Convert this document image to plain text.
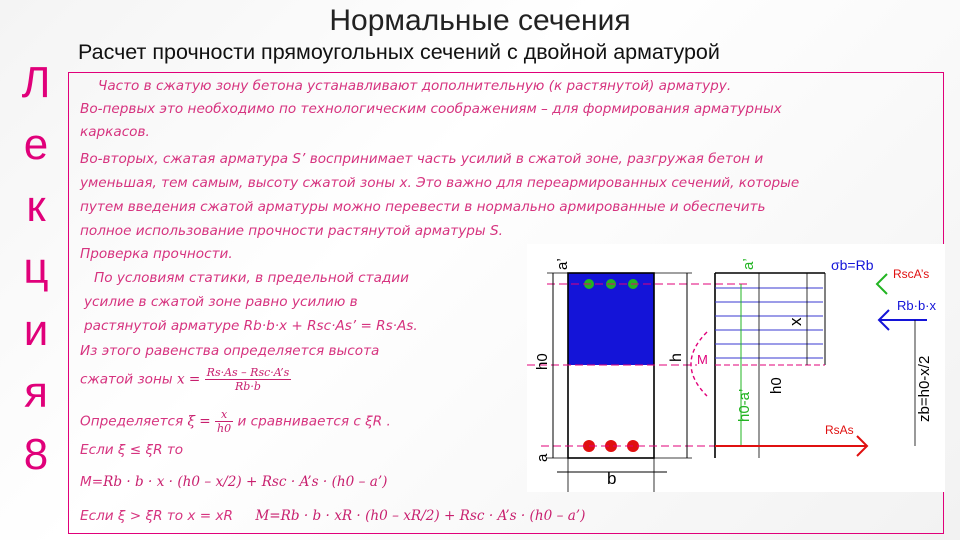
Нормальные сечения
Расчет прочности прямоугольных сечений с двойной арматурой
Л
е
к
ц
и
я
8
Часто в сжатую зону бетона устанавливают дополнительную (к растянутой) арматуру.
Во-первых это необходимо по технологическим соображениям – для формирования арматурных
каркасов.
Во-вторых, сжатая арматура S’ воспринимает часть усилий в сжатой зоне, разгружая бетон и
уменьшая, тем самым, высоту сжатой зоны x. Это важно для переармированных сечений, которые
путем введения сжатой арматуры можно перевести в нормально армированные и обеспечить
полное использование прочности растянутой арматуры S.
Проверка прочности.
По условиям статики, в предельной стадии
усилие в сжатой зоне равно усилию в
растянутой арматуре Rb·b·x + Rsc·As’ = Rs·As.
Из этого равенства определяется высота
сжатой зоны $x = \frac{\text{Rs·As – Rsc·A’s}}{Rb\cdot b}$
Определяется $\xi = \frac{x}{h0}$ и сравнивается с ξR .
Если ξ ≤ ξR то
M=Rb · b · x · (h0 – x/2) + Rsc · A’s · (h0 – a’)
Если ξ > ξR то x = xR M=Rb · b · xR · (h0 – xR/2) + Rsc · A’s · (h0 – a’)
a’
h0
a
h
b
M
x
h0
h0-a’
a’	σb=Rb
RscA’s
Rb·b·x
zb=h0-x/2
RsAs
